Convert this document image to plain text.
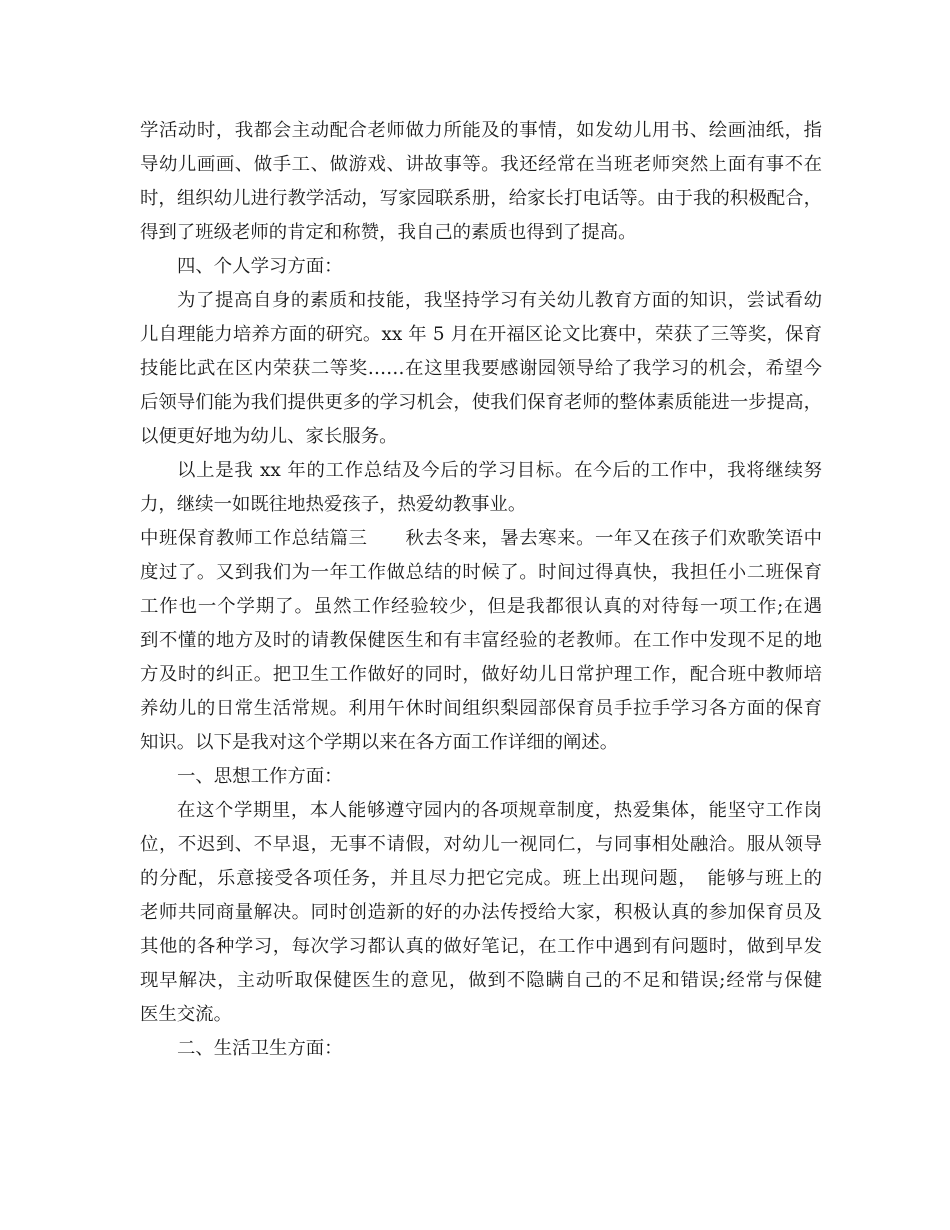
学活动时，我都会主动配合老师做力所能及的事情，如发幼儿用书、绘画油纸，指
导幼儿画画、做手工、做游戏、讲故事等。我还经常在当班老师突然上面有事不在
时，组织幼儿进行教学活动，写家园联系册，给家长打电话等。由于我的积极配合，
得到了班级老师的肯定和称赞，我自己的素质也得到了提高。
四、个人学习方面：
为了提高自身的素质和技能，我坚持学习有关幼儿教育方面的知识，尝试看幼
儿自理能力培养方面的研究。xx 年 5 月在开福区论文比赛中，荣获了三等奖，保育
技能比武在区内荣获二等奖……在这里我要感谢园领导给了我学习的机会，希望今
后领导们能为我们提供更多的学习机会，使我们保育老师的整体素质能进一步提高，
以便更好地为幼儿、家长服务。
以上是我 xx 年的工作总结及今后的学习目标。在今后的工作中，我将继续努
力，继续一如既往地热爱孩子，热爱幼教事业。
中班保育教师工作总结篇三　　秋去冬来，暑去寒来。一年又在孩子们欢歌笑语中
度过了。又到我们为一年工作做总结的时候了。时间过得真快，我担任小二班保育
工作也一个学期了。虽然工作经验较少，但是我都很认真的对待每一项工作;在遇
到不懂的地方及时的请教保健医生和有丰富经验的老教师。在工作中发现不足的地
方及时的纠正。把卫生工作做好的同时，做好幼儿日常护理工作，配合班中教师培
养幼儿的日常生活常规。利用午休时间组织梨园部保育员手拉手学习各方面的保育
知识。以下是我对这个学期以来在各方面工作详细的阐述。
一、思想工作方面：
在这个学期里，本人能够遵守园内的各项规章制度，热爱集体，能坚守工作岗
位，不迟到、不早退，无事不请假，对幼儿一视同仁，与同事相处融洽。服从领导
的分配，乐意接受各项任务，并且尽力把它完成。班上出现问题，　能够与班上的
老师共同商量解决。同时创造新的好的办法传授给大家，积极认真的参加保育员及
其他的各种学习，每次学习都认真的做好笔记，在工作中遇到有问题时，做到早发
现早解决，主动听取保健医生的意见，做到不隐瞒自己的不足和错误;经常与保健
医生交流。
二、生活卫生方面：
